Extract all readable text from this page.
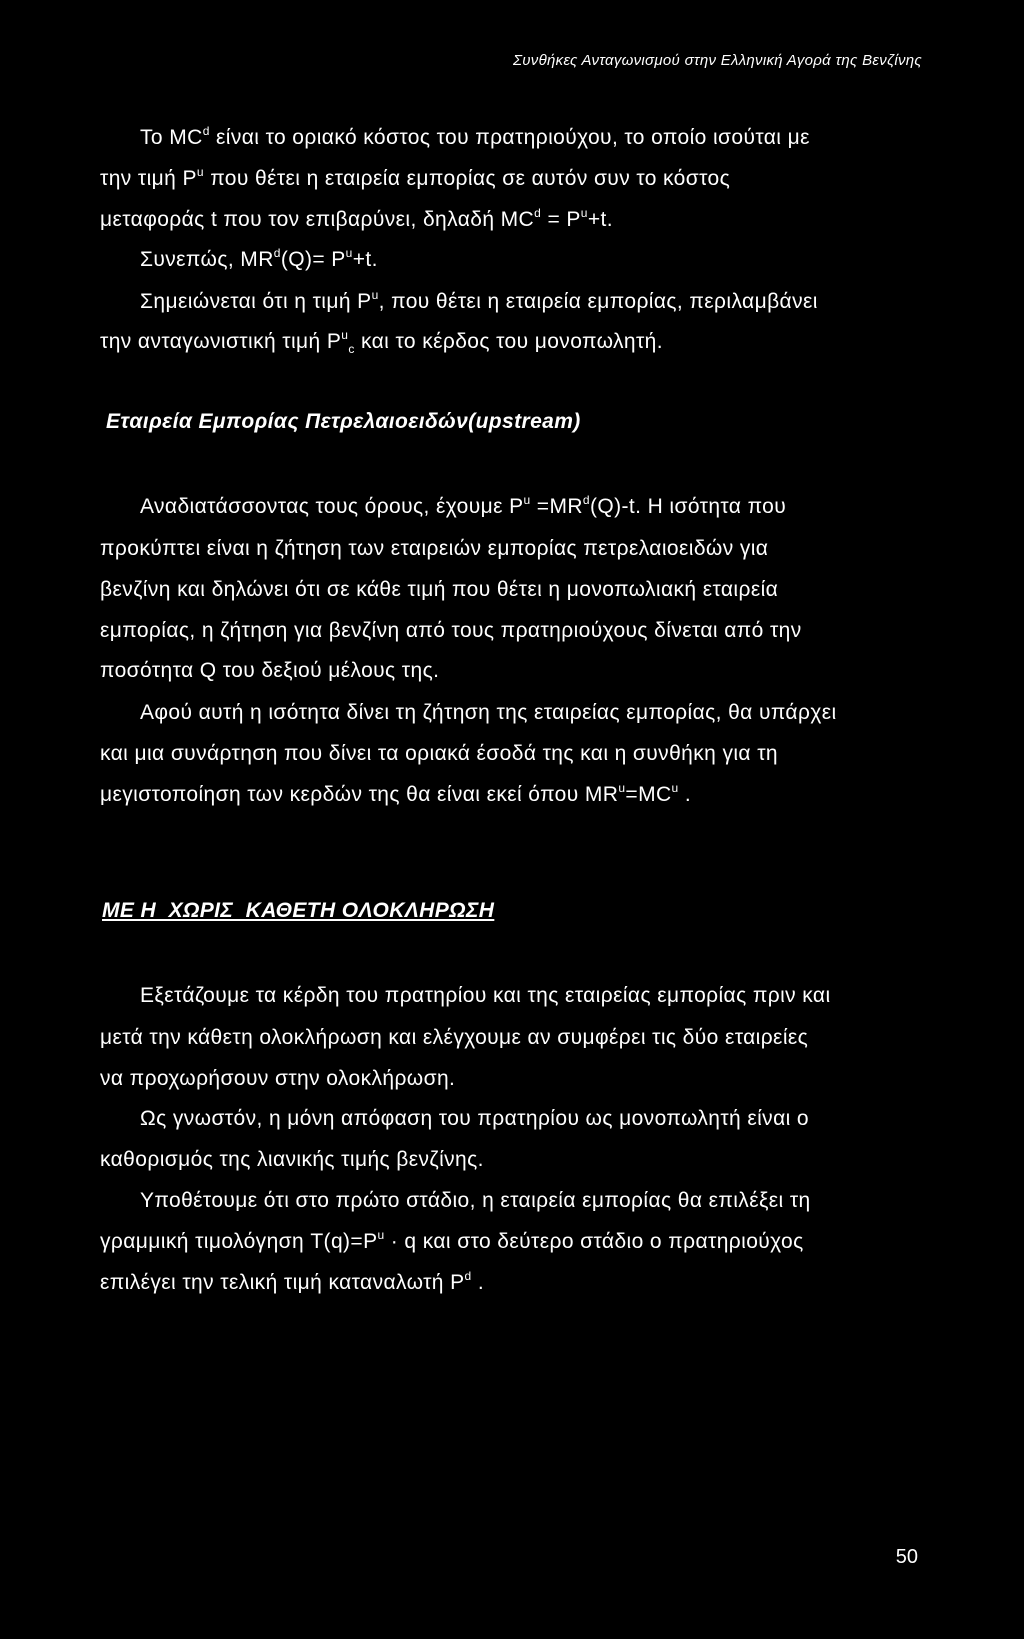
Συνθήκες Ανταγωνισμού στην Ελληνική Αγορά της Βενζίνης
Το $MC^d$ είναι το οριακό κόστος του πρατηριούχου, το οποίο ισούται με
την τιμή $P^u$ που θέτει η εταιρεία εμπορίας σε αυτόν συν το κόστος
μεταφοράς t που τον επιβαρύνει, δηλαδή $MC^d = P^u+t$.
Συνεπώς, $MR^d(Q)= P^u+t$.
Σημειώνεται ότι η τιμή $P^u$, που θέτει η εταιρεία εμπορίας, περιλαμβάνει
την ανταγωνιστική τιμή $P^u_c$ και το κέρδος του μονοπωλητή.
Εταιρεία Εμπορίας Πετρελαιοειδών(upstream)
Αναδιατάσσοντας τους όρους, έχουμε $P^u =MR^d(Q)-t$. Η ισότητα που
προκύπτει είναι η ζήτηση των εταιρειών εμπορίας πετρελαιοειδών για
βενζίνη και δηλώνει ότι σε κάθε τιμή που θέτει η μονοπωλιακή εταιρεία
εμπορίας, η ζήτηση για βενζίνη από τους πρατηριούχους δίνεται από την
ποσότητα Q του δεξιού μέλους της.
Αφού αυτή η ισότητα δίνει τη ζήτηση της εταιρείας εμπορίας, θα υπάρχει
και μια συνάρτηση που δίνει τα οριακά έσοδά της και η συνθήκη για τη
μεγιστοποίηση των κερδών της θα είναι εκεί όπου $MR^u=MC^u$ .
ΜΕ Η  ΧΩΡΙΣ  ΚΑΘΕΤΗ ΟΛΟΚΛΗΡΩΣΗ
Εξετάζουμε τα κέρδη του πρατηρίου και της εταιρείας εμπορίας πριν και
μετά την κάθετη ολοκλήρωση και ελέγχουμε αν συμφέρει τις δύο εταιρείες
να προχωρήσουν στην ολοκλήρωση.
Ως γνωστόν, η μόνη απόφαση του πρατηρίου ως μονοπωλητή είναι ο
καθορισμός της λιανικής τιμής βενζίνης.
Υποθέτουμε ότι στο πρώτο στάδιο, η εταιρεία εμπορίας θα επιλέξει τη
γραμμική τιμολόγηση $T(q)=P^u \cdot q$ και στο δεύτερο στάδιο ο πρατηριούχος
επιλέγει την τελική τιμή καταναλωτή $P^d$ .
50
